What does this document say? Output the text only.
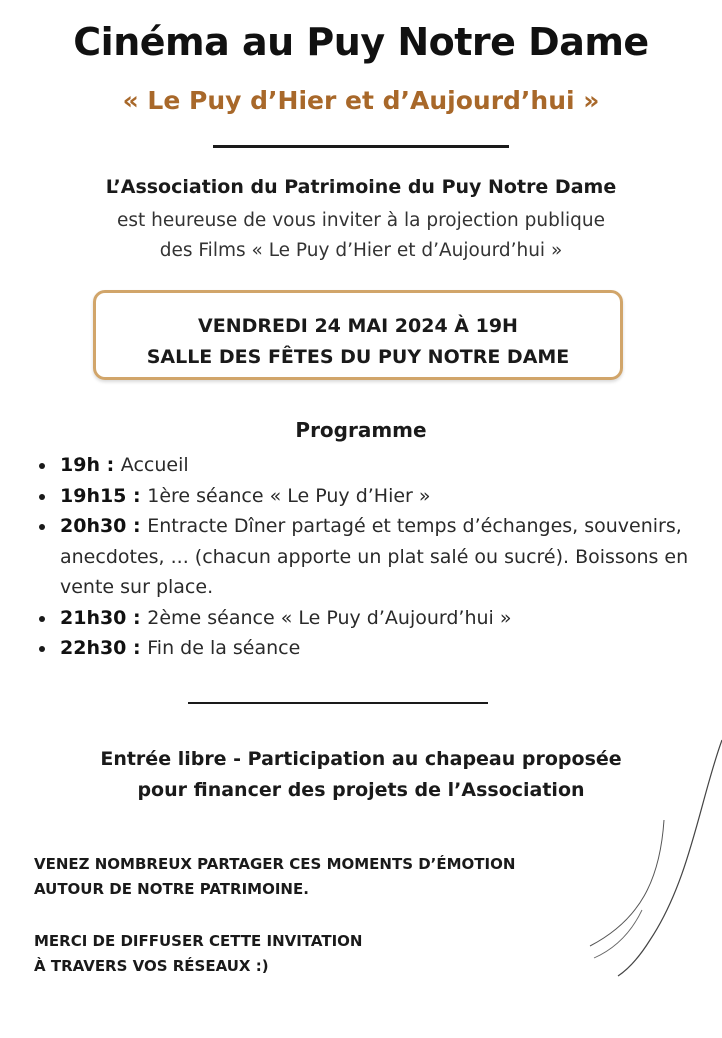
Cinéma au Puy Notre Dame
« Le Puy d’Hier et d’Aujourd’hui »
L’Association du Patrimoine du Puy Notre Dame
est heureuse de vous inviter à la projection publique
des Films « Le Puy d’Hier et d’Aujourd’hui »
VENDREDI 24 MAI 2024 À 19H
SALLE DES FÊTES DU PUY NOTRE DAME
Programme
19h : Accueil
19h15 : 1ère séance « Le Puy d’Hier »
20h30 : Entracte Dîner partagé et temps d’échanges, souvenirs, anecdotes, ... (chacun apporte un plat salé ou sucré). Boissons en vente sur place.
21h30 : 2ème séance « Le Puy d’Aujourd’hui »
22h30 : Fin de la séance
Entrée libre - Participation au chapeau proposée
pour financer des projets de l’Association
VENEZ NOMBREUX PARTAGER CES MOMENTS D’ÉMOTION
AUTOUR DE NOTRE PATRIMOINE.
MERCI DE DIFFUSER CETTE INVITATION
À TRAVERS VOS RÉSEAUX :)
